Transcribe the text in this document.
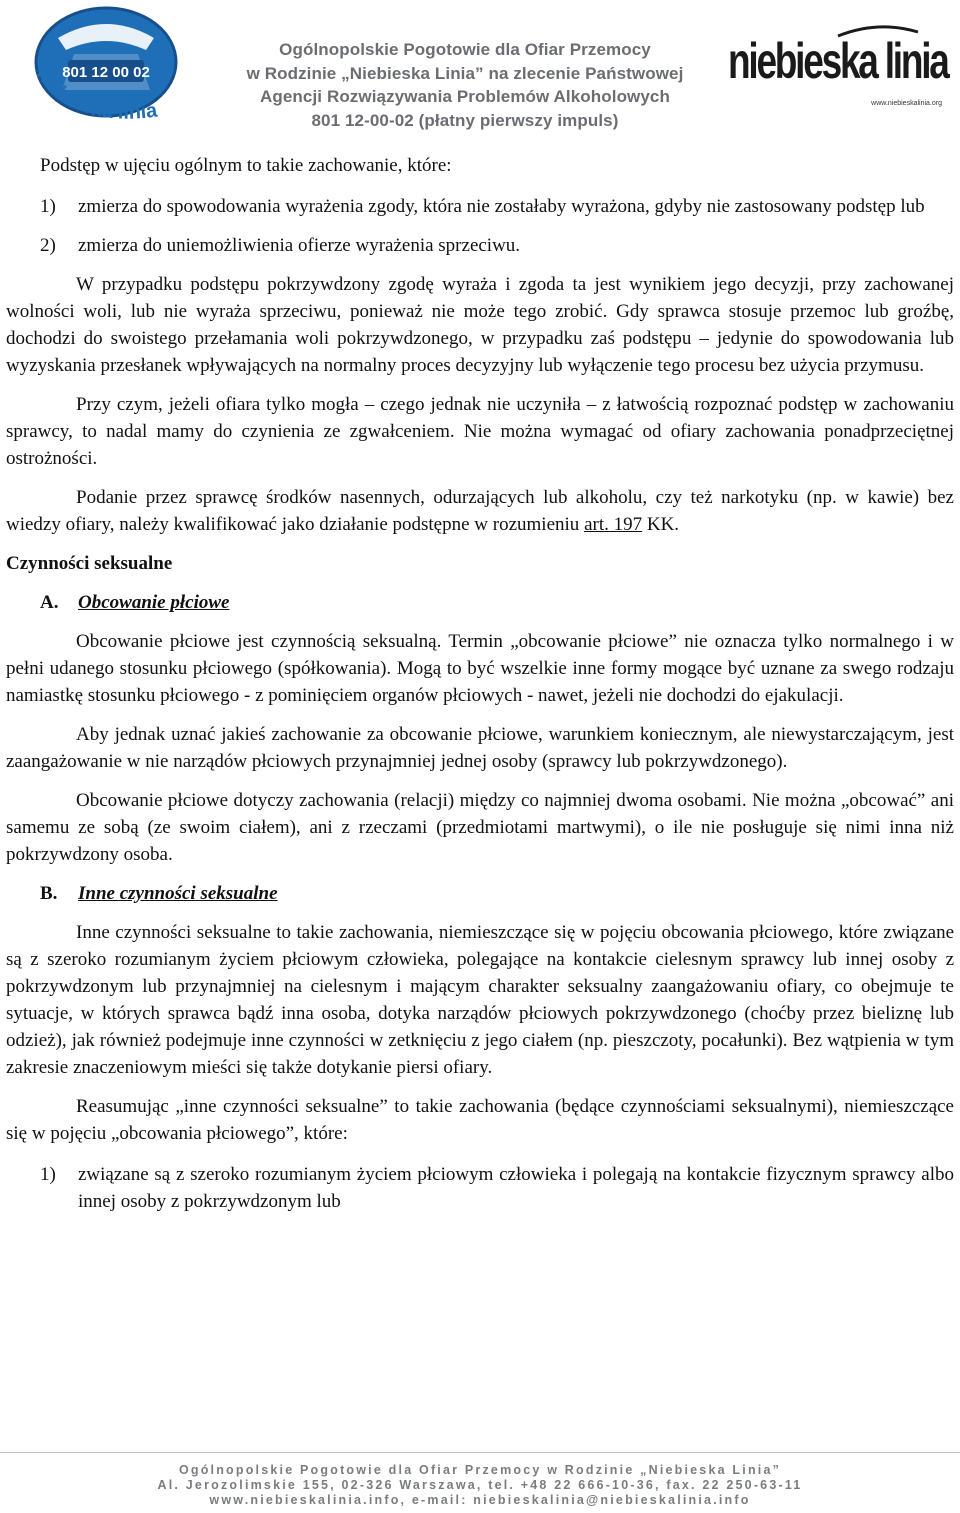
801 12 00 02
niebieska linia
Ogólnopolskie Pogotowie dla Ofiar Przemocy
w Rodzinie „Niebieska Linia” na zlecenie Państwowej
Agencji Rozwiązywania Problemów Alkoholowych
801 12-00-02 (płatny pierwszy impuls)
niebieska linia
www.niebieskalinia.org
Podstęp w ujęciu ogólnym to takie zachowanie, które:
1) zmierza do spowodowania wyrażenia zgody, która nie zostałaby wyrażona, gdyby nie zastosowany podstęp lub
2) zmierza do uniemożliwienia ofierze wyrażenia sprzeciwu.

W przypadku podstępu pokrzywdzony zgodę wyraża i zgoda ta jest wynikiem jego decyzji, przy zachowanej wolności woli, lub nie wyraża sprzeciwu, ponieważ nie może tego zrobić. Gdy sprawca stosuje przemoc lub groźbę, dochodzi do swoistego przełamania woli pokrzywdzonego, w przypadku zaś podstępu – jedynie do spowodowania lub wyzyskania przesłanek wpływających na normalny proces decyzyjny lub wyłączenie tego procesu bez użycia przymusu.

Przy czym, jeżeli ofiara tylko mogła – czego jednak nie uczyniła – z łatwością rozpoznać podstęp w zachowaniu sprawcy, to nadal mamy do czynienia ze zgwałceniem. Nie można wymagać od ofiary zachowania ponadprzeciętnej ostrożności.

Podanie przez sprawcę środków nasennych, odurzających lub alkoholu, czy też narkotyku (np. w kawie) bez wiedzy ofiary, należy kwalifikować jako działanie podstępne w rozumieniu art. 197 KK.

Czynności seksualne
A. Obcowanie płciowe

Obcowanie płciowe jest czynnością seksualną. Termin „obcowanie płciowe” nie oznacza tylko normalnego i w pełni udanego stosunku płciowego (spółkowania). Mogą to być wszelkie inne formy mogące być uznane za swego rodzaju namiastkę stosunku płciowego - z pominięciem organów płciowych - nawet, jeżeli nie dochodzi do ejakulacji.

Aby jednak uznać jakieś zachowanie za obcowanie płciowe, warunkiem koniecznym, ale niewystarczającym, jest zaangażowanie w nie narządów płciowych przynajmniej jednej osoby (sprawcy lub pokrzywdzonego).

Obcowanie płciowe dotyczy zachowania (relacji) między co najmniej dwoma osobami. Nie można „obcować” ani samemu ze sobą (ze swoim ciałem), ani z rzeczami (przedmiotami martwymi), o ile nie posługuje się nimi inna niż pokrzywdzony osoba.

B. Inne czynności seksualne

Inne czynności seksualne to takie zachowania, niemieszczące się w pojęciu obcowania płciowego, które związane są z szeroko rozumianym życiem płciowym człowieka, polegające na kontakcie cielesnym sprawcy lub innej osoby z pokrzywdzonym lub przynajmniej na cielesnym i mającym charakter seksualny zaangażowaniu ofiary, co obejmuje te sytuacje, w których sprawca bądź inna osoba, dotyka narządów płciowych pokrzywdzonego (choćby przez bieliznę lub odzież), jak również podejmuje inne czynności w zetknięciu z jego ciałem (np. pieszczoty, pocałunki). Bez wątpienia w tym zakresie znaczeniowym mieści się także dotykanie piersi ofiary.

Reasumując „inne czynności seksualne” to takie zachowania (będące czynnościami seksualnymi), niemieszczące się w pojęciu „obcowania płciowego”, które:

1) związane są z szeroko rozumianym życiem płciowym człowieka i polegają na kontakcie fizycznym sprawcy albo innej osoby z pokrzywdzonym lub
Ogólnopolskie Pogotowie dla Ofiar Przemocy w Rodzinie „Niebieska Linia”
Al. Jerozolimskie 155, 02-326 Warszawa, tel. +48 22 666-10-36, fax. 22 250-63-11
www.niebieskalinia.info, e-mail: niebieskalinia@niebieskalinia.info
